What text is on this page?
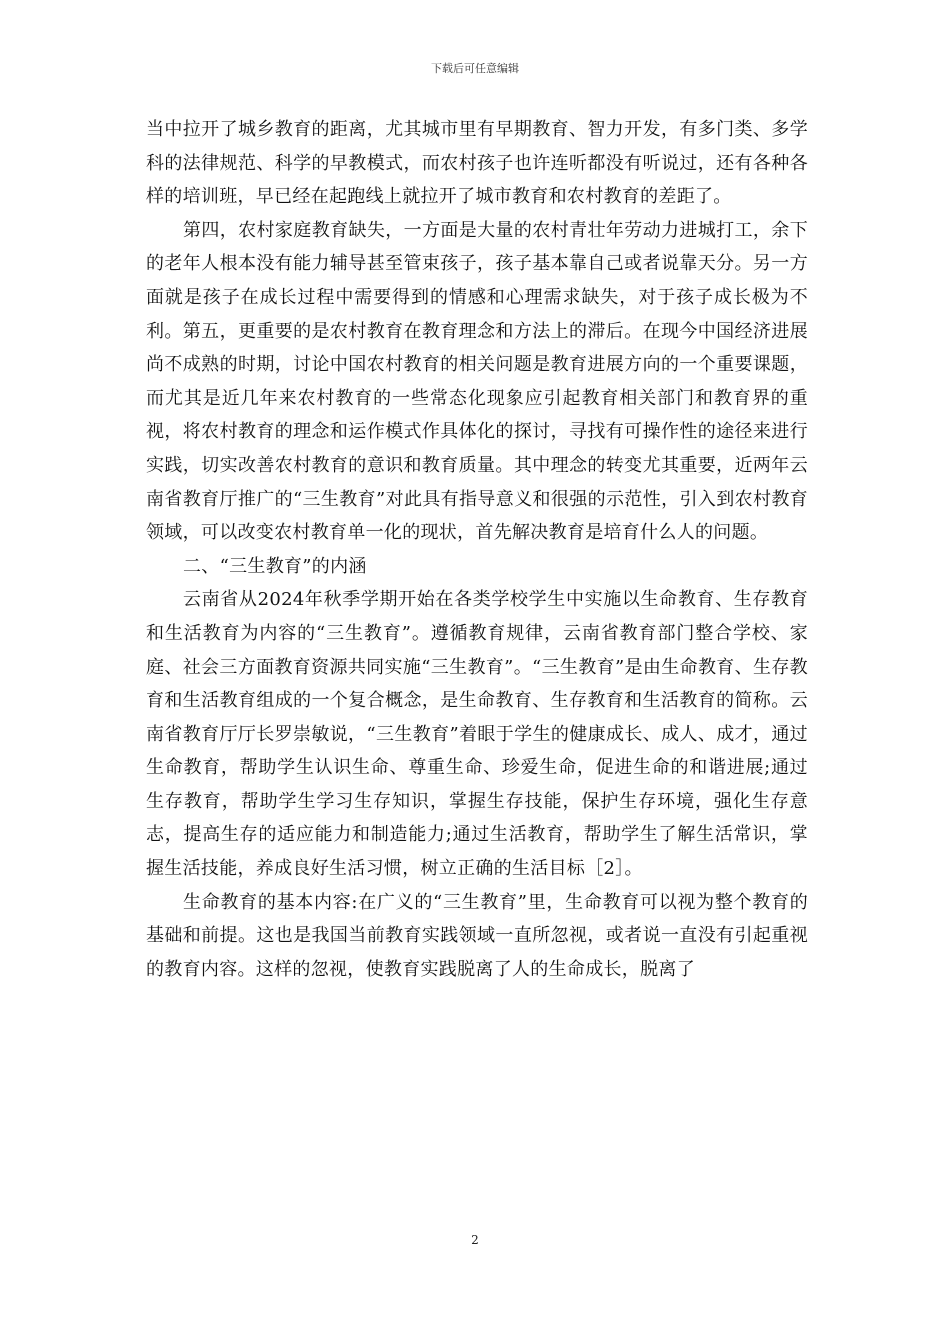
下载后可任意编辑

当中拉开了城乡教育的距离，尤其城市里有早期教育、智力开发，有多门类、多学科的法律规范、科学的早教模式，而农村孩子也许连听都没有听说过，还有各种各样的培训班，早已经在起跑线上就拉开了城市教育和农村教育的差距了。

第四，农村家庭教育缺失，一方面是大量的农村青壮年劳动力进城打工，余下的老年人根本没有能力辅导甚至管束孩子，孩子基本靠自己或者说靠天分。另一方面就是孩子在成长过程中需要得到的情感和心理需求缺失，对于孩子成长极为不利。第五，更重要的是农村教育在教育理念和方法上的滞后。在现今中国经济进展尚不成熟的时期，讨论中国农村教育的相关问题是教育进展方向的一个重要课题，而尤其是近几年来农村教育的一些常态化现象应引起教育相关部门和教育界的重视，将农村教育的理念和运作模式作具体化的探讨，寻找有可操作性的途径来进行实践，切实改善农村教育的意识和教育质量。其中理念的转变尤其重要，近两年云南省教育厅推广的“三生教育”对此具有指导意义和很强的示范性，引入到农村教育领域，可以改变农村教育单一化的现状，首先解决教育是培育什么人的问题。

二、“三生教育”的内涵

云南省从2024年秋季学期开始在各类学校学生中实施以生命教育、生存教育和生活教育为内容的“三生教育”。遵循教育规律，云南省教育部门整合学校、家庭、社会三方面教育资源共同实施“三生教育”。“三生教育”是由生命教育、生存教育和生活教育组成的一个复合概念，是生命教育、生存教育和生活教育的简称。云南省教育厅厅长罗崇敏说，“三生教育”着眼于学生的健康成长、成人、成才，通过生命教育，帮助学生认识生命、尊重生命、珍爱生命，促进生命的和谐进展;通过生存教育，帮助学生学习生存知识，掌握生存技能，保护生存环境，强化生存意志，提高生存的适应能力和制造能力;通过生活教育，帮助学生了解生活常识，掌握生活技能，养成良好生活习惯，树立正确的生活目标［2］。

生命教育的基本内容:在广义的“三生教育”里，生命教育可以视为整个教育的基础和前提。这也是我国当前教育实践领域一直所忽视，或者说一直没有引起重视的教育内容。这样的忽视，使教育实践脱离了人的生命成长，脱离了

2
